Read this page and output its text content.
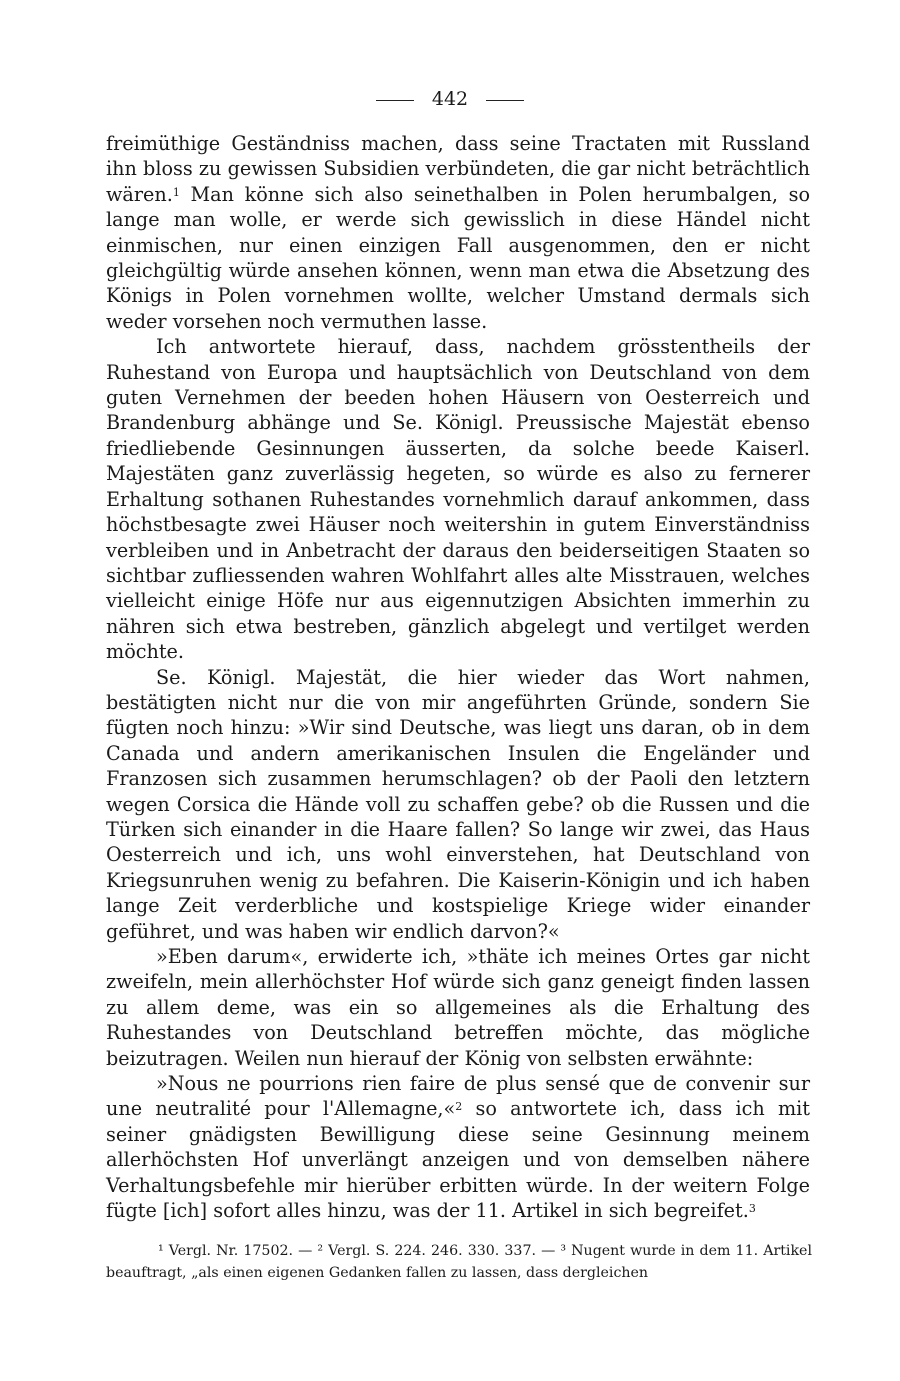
442

freimüthige Geständniss machen, dass seine Tractaten mit Russland ihn bloss zu gewissen Subsidien verbündeten, die gar nicht beträchtlich wären.$^1$ Man könne sich also seinethalben in Polen herumbalgen, so lange man wolle, er werde sich gewisslich in diese Händel nicht einmischen, nur einen einzigen Fall ausgenommen, den er nicht gleichgültig würde ansehen können, wenn man etwa die Absetzung des Königs in Polen vornehmen wollte, welcher Umstand dermals sich weder vorsehen noch vermuthen lasse.

Ich antwortete hierauf, dass, nachdem grösstentheils der Ruhestand von Europa und hauptsächlich von Deutschland von dem guten Vernehmen der beeden hohen Häusern von Oesterreich und Brandenburg abhänge und Se. Königl. Preussische Majestät ebenso friedliebende Gesinnungen äusserten, da solche beede Kaiserl. Majestäten ganz zuverlässig hegeten, so würde es also zu fernerer Erhaltung sothanen Ruhestandes vornehmlich darauf ankommen, dass höchstbesagte zwei Häuser noch weitershin in gutem Einverständniss verbleiben und in Anbetracht der daraus den beiderseitigen Staaten so sichtbar zufliessenden wahren Wohlfahrt alles alte Misstrauen, welches vielleicht einige Höfe nur aus eigennutzigen Absichten immerhin zu nähren sich etwa bestreben, gänzlich abgelegt und vertilget werden möchte.

Se. Königl. Majestät, die hier wieder das Wort nahmen, bestätigten nicht nur die von mir angeführten Gründe, sondern Sie fügten noch hinzu: »Wir sind Deutsche, was liegt uns daran, ob in dem Canada und andern amerikanischen Insulen die Engeländer und Franzosen sich zusammen herumschlagen? ob der Paoli den letztern wegen Corsica die Hände voll zu schaffen gebe? ob die Russen und die Türken sich einander in die Haare fallen? So lange wir zwei, das Haus Oesterreich und ich, uns wohl einverstehen, hat Deutschland von Kriegsunruhen wenig zu befahren. Die Kaiserin-Königin und ich haben lange Zeit verderbliche und kostspielige Kriege wider einander geführet, und was haben wir endlich darvon?«

»Eben darum«, erwiderte ich, »thäte ich meines Ortes gar nicht zweifeln, mein allerhöchster Hof würde sich ganz geneigt finden lassen zu allem deme, was ein so allgemeines als die Erhaltung des Ruhestandes von Deutschland betreffen möchte, das mögliche beizutragen. Weilen nun hierauf der König von selbsten erwähnte:

»Nous ne pourrions rien faire de plus sensé que de convenir sur une neutralité pour l'Allemagne,«$^2$ so antwortete ich, dass ich mit seiner gnädigsten Bewilligung diese seine Gesinnung meinem allerhöchsten Hof unverlängt anzeigen und von demselben nähere Verhaltungsbefehle mir hierüber erbitten würde. In der weitern Folge fügte [ich] sofort alles hinzu, was der 11. Artikel in sich begreifet.$^3$

¹ Vergl. Nr. 17502. — ² Vergl. S. 224. 246. 330. 337. — ³ Nugent wurde in dem 11. Artikel beauftragt, „als einen eigenen Gedanken fallen zu lassen, dass dergleichen
